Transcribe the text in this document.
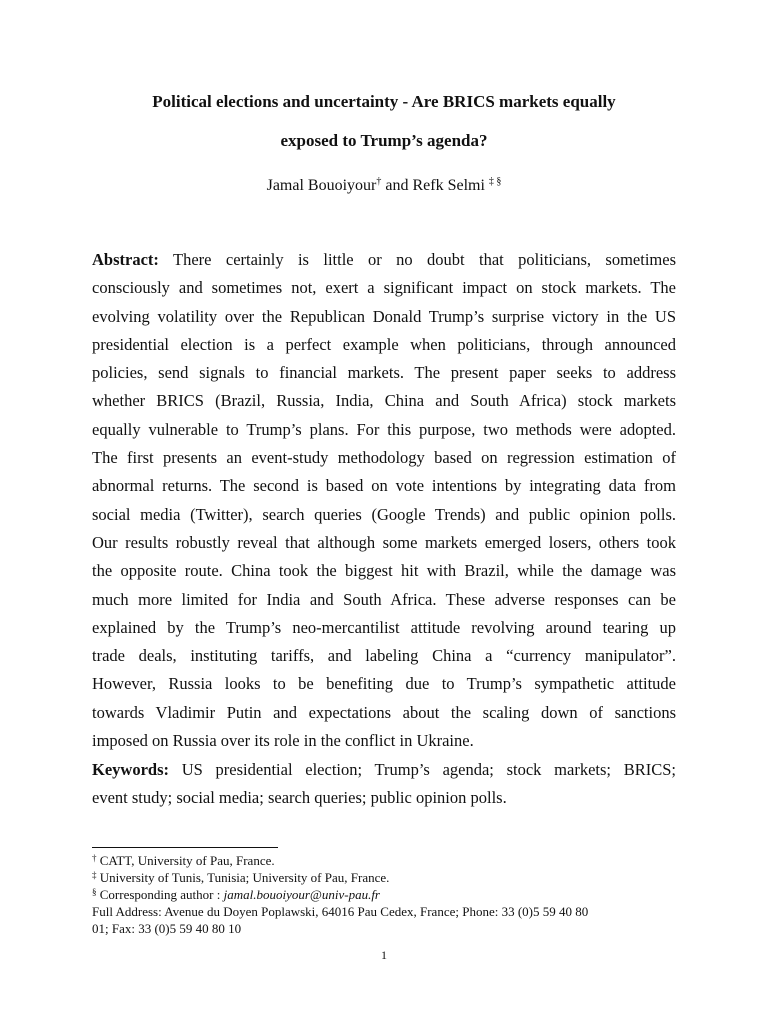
Political elections and uncertainty - Are BRICS markets equally
exposed to Trump’s agenda?
Jamal Bouoiyour† and Refk Selmi ‡ §
Abstract: There certainly is little or no doubt that politicians, sometimes
consciously and sometimes not, exert a significant impact on stock markets. The
evolving volatility over the Republican Donald Trump’s surprise victory in the US
presidential election is a perfect example when politicians, through announced
policies, send signals to financial markets. The present paper seeks to address
whether BRICS (Brazil, Russia, India, China and South Africa) stock markets
equally vulnerable to Trump’s plans. For this purpose, two methods were adopted.
The first presents an event-study methodology based on regression estimation of
abnormal returns. The second is based on vote intentions by integrating data from
social media (Twitter), search queries (Google Trends) and public opinion polls.
Our results robustly reveal that although some markets emerged losers, others took
the opposite route. China took the biggest hit with Brazil, while the damage was
much more limited for India and South Africa. These adverse responses can be
explained by the Trump’s neo-mercantilist attitude revolving around tearing up
trade deals, instituting tariffs, and labeling China a “currency manipulator”.
However, Russia looks to be benefiting due to Trump’s sympathetic attitude
towards Vladimir Putin and expectations about the scaling down of sanctions
imposed on Russia over its role in the conflict in Ukraine.
Keywords: US presidential election; Trump’s agenda; stock markets; BRICS;
event study; social media; search queries; public opinion polls.
† CATT, University of Pau, France.
‡ University of Tunis, Tunisia; University of Pau, France.
§ Corresponding author : jamal.bouoiyour@univ-pau.fr
Full Address: Avenue du Doyen Poplawski, 64016 Pau Cedex, France; Phone: 33 (0)5 59 40 80
01; Fax: 33 (0)5 59 40 80 10
1
